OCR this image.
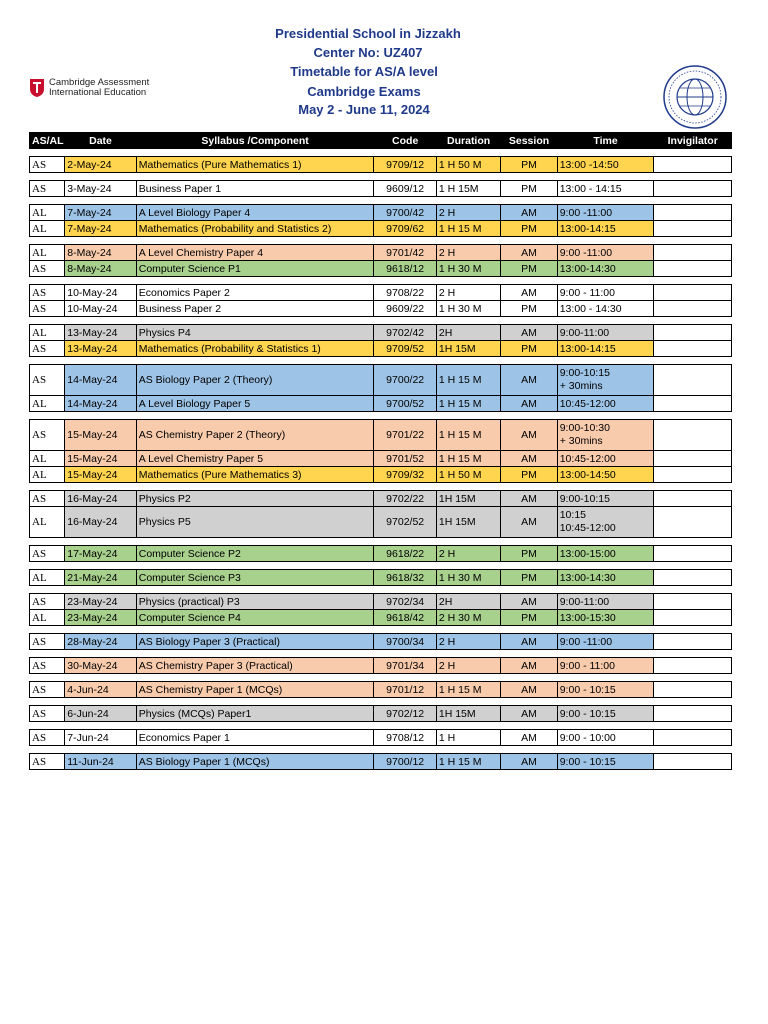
Presidential School in Jizzakh
Center No: UZ407
Timetable for AS/A level
Cambridge Exams
May 2 - June 11, 2024
Cambridge Assessment
International Education
AS/AL	Date	Syllabus /Component	Code	Duration	Session	Time	Invigilator

AS	2-May-24	Mathematics (Pure Mathematics 1)	9709/12	1 H 50 M	PM	13:00 -14:50	

AS	3-May-24	Business Paper 1	9609/12	1 H 15M	PM	13:00 - 14:15	

AL	7-May-24	A Level Biology Paper 4	9700/42	2 H	AM	9:00 -11:00	
AL	7-May-24	Mathematics (Probability and Statistics 2)	9709/62	1 H 15 M	PM	13:00-14:15	

AL	8-May-24	A Level Chemistry Paper 4	9701/42	2 H	AM	9:00 -11:00	
AS	8-May-24	Computer Science P1	9618/12	1 H 30 M	PM	13:00-14:30	

AS	10-May-24	Economics Paper 2	9708/22	2 H	AM	9:00 - 11:00	
AS	10-May-24	Business Paper 2	9609/22	1 H 30 M	PM	13:00 - 14:30	

AL	13-May-24	Physics P4	9702/42	2H	AM	9:00-11:00	
AS	13-May-24	Mathematics (Probability & Statistics 1)	9709/52	1H 15M	PM	13:00-14:15	

AS	14-May-24	AS Biology Paper 2 (Theory)	9700/22	1 H 15 M	AM	9:00-10:15
+ 30mins	

AL	14-May-24	A Level Biology Paper 5	9700/52	1 H 15 M	AM	10:45-12:00	

AS	15-May-24	AS Chemistry Paper 2 (Theory)	9701/22	1 H 15 M	AM	9:00-10:30
+ 30mins	

AL	15-May-24	A Level Chemistry Paper 5	9701/52	1 H 15 M	AM	10:45-12:00	
AL	15-May-24	Mathematics (Pure Mathematics 3)	9709/32	1 H 50 M	PM	13:00-14:50	

AS	16-May-24	Physics P2	9702/22	1H 15M	AM	9:00-10:15	
AL	16-May-24	Physics P5	9702/52	1H 15M	AM	10:15
10:45-12:00	

AS	17-May-24	Computer Science P2	9618/22	2 H	PM	13:00-15:00	

AL	21-May-24	Computer Science P3	9618/32	1 H 30 M	PM	13:00-14:30	

AS	23-May-24	Physics (practical) P3	9702/34	2H	AM	9:00-11:00	
AL	23-May-24	Computer Science P4	9618/42	2 H 30 M	PM	13:00-15:30	

AS	28-May-24	AS Biology Paper 3 (Practical)	9700/34	2 H	AM	9:00 -11:00	

AS	30-May-24	AS Chemistry Paper 3 (Practical)	9701/34	2 H	AM	9:00 - 11:00	

AS	4-Jun-24	AS Chemistry Paper 1 (MCQs)	9701/12	1 H 15 M	AM	9:00 - 10:15	

AS	6-Jun-24	Physics (MCQs) Paper1	9702/12	1H 15M	AM	9:00 - 10:15	

AS	7-Jun-24	Economics Paper 1	9708/12	1 H	AM	9:00 - 10:00	

AS	11-Jun-24	AS Biology Paper 1 (MCQs)	9700/12	1 H 15 M	AM	9:00 - 10:15	
